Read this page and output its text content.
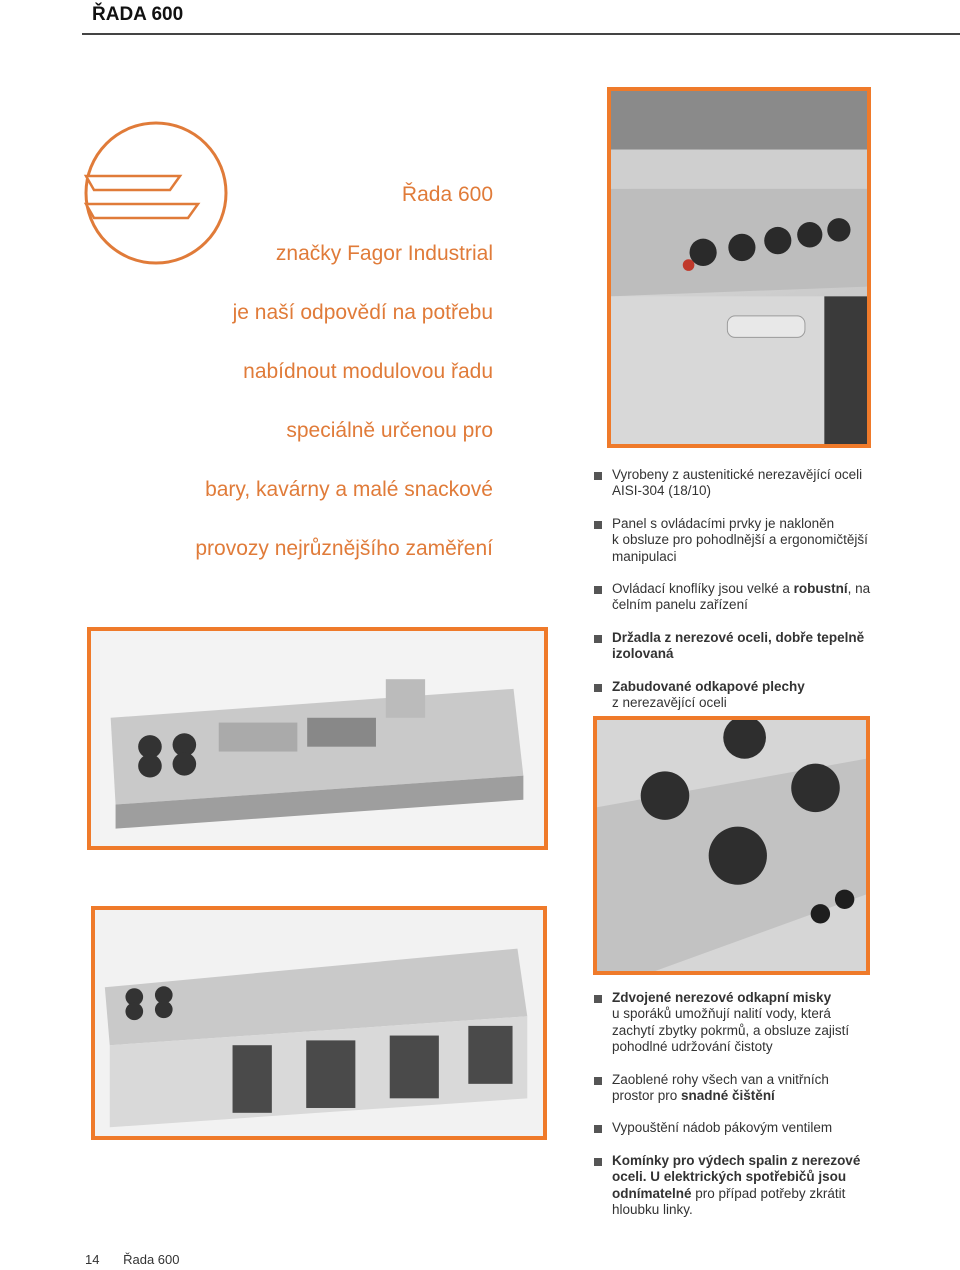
ŘADA 600
Řada 600
značky Fagor Industrial
je naší odpovědí na potřebu
nabídnout modulovou řadu
speciálně určenou pro
bary, kavárny a malé snackové
provozy nejrůznějšího zaměření
Vyrobeny z austenitické nerezavějící oceli
AISI-304 (18/10)
Panel s ovládacími prvky je nakloněn
k obsluze pro pohodlnější a ergonomičtější
manipulaci
Ovládací knoflíky jsou velké a robustní, na
čelním panelu zařízení
Držadla z nerezové oceli, dobře tepelně
izolovaná
Zabudované odkapové plechy
z nerezavějící oceli
Zdvojené nerezové odkapní misky
u sporáků umožňují nalití vody, která
zachytí zbytky pokrmů, a obsluze zajistí
pohodlné udržování čistoty
Zaoblené rohy všech van a vnitřních
prostor pro snadné čištění
Vypouštění nádob pákovým ventilem
Komínky pro výdech spalin z nerezové
oceli. U elektrických spotřebičů jsou
odnímatelné pro případ potřeby zkrátit
hloubku linky.
14 Řada 600
